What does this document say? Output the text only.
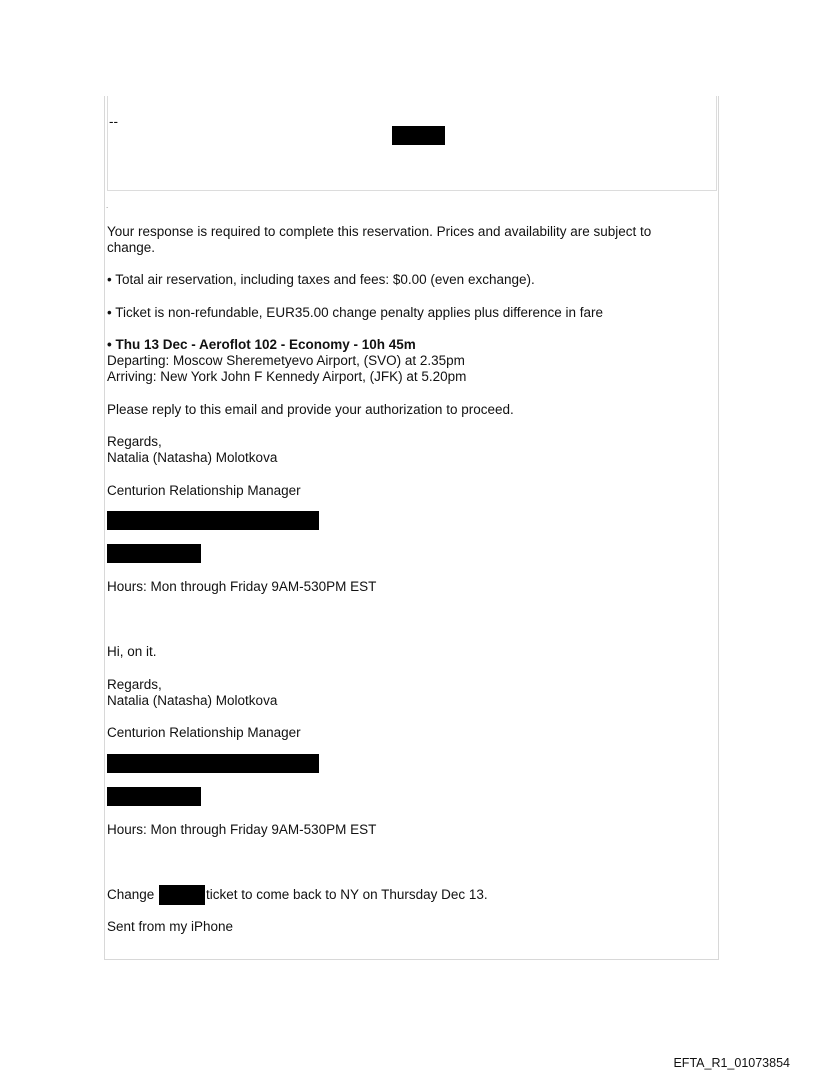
--
.
Your response is required to complete this reservation. Prices and availability are subject to
change.
• Total air reservation, including taxes and fees: $0.00 (even exchange).
• Ticket is non-refundable, EUR35.00 change penalty applies plus difference in fare
• Thu 13 Dec - Aeroflot 102 - Economy - 10h 45m
Departing: Moscow Sheremetyevo Airport, (SVO) at 2.35pm
Arriving: New York John F Kennedy Airport, (JFK) at 5.20pm
Please reply to this email and provide your authorization to proceed.
Regards,
Natalia (Natasha) Molotkova
Centurion Relationship Manager
Hours: Mon through Friday 9AM-530PM EST
Hi, on it.
Regards,
Natalia (Natasha) Molotkova
Centurion Relationship Manager
Hours: Mon through Friday 9AM-530PM EST
Change	ticket to come back to NY on Thursday Dec 13.
Sent from my iPhone
EFTA_R1_01073854
